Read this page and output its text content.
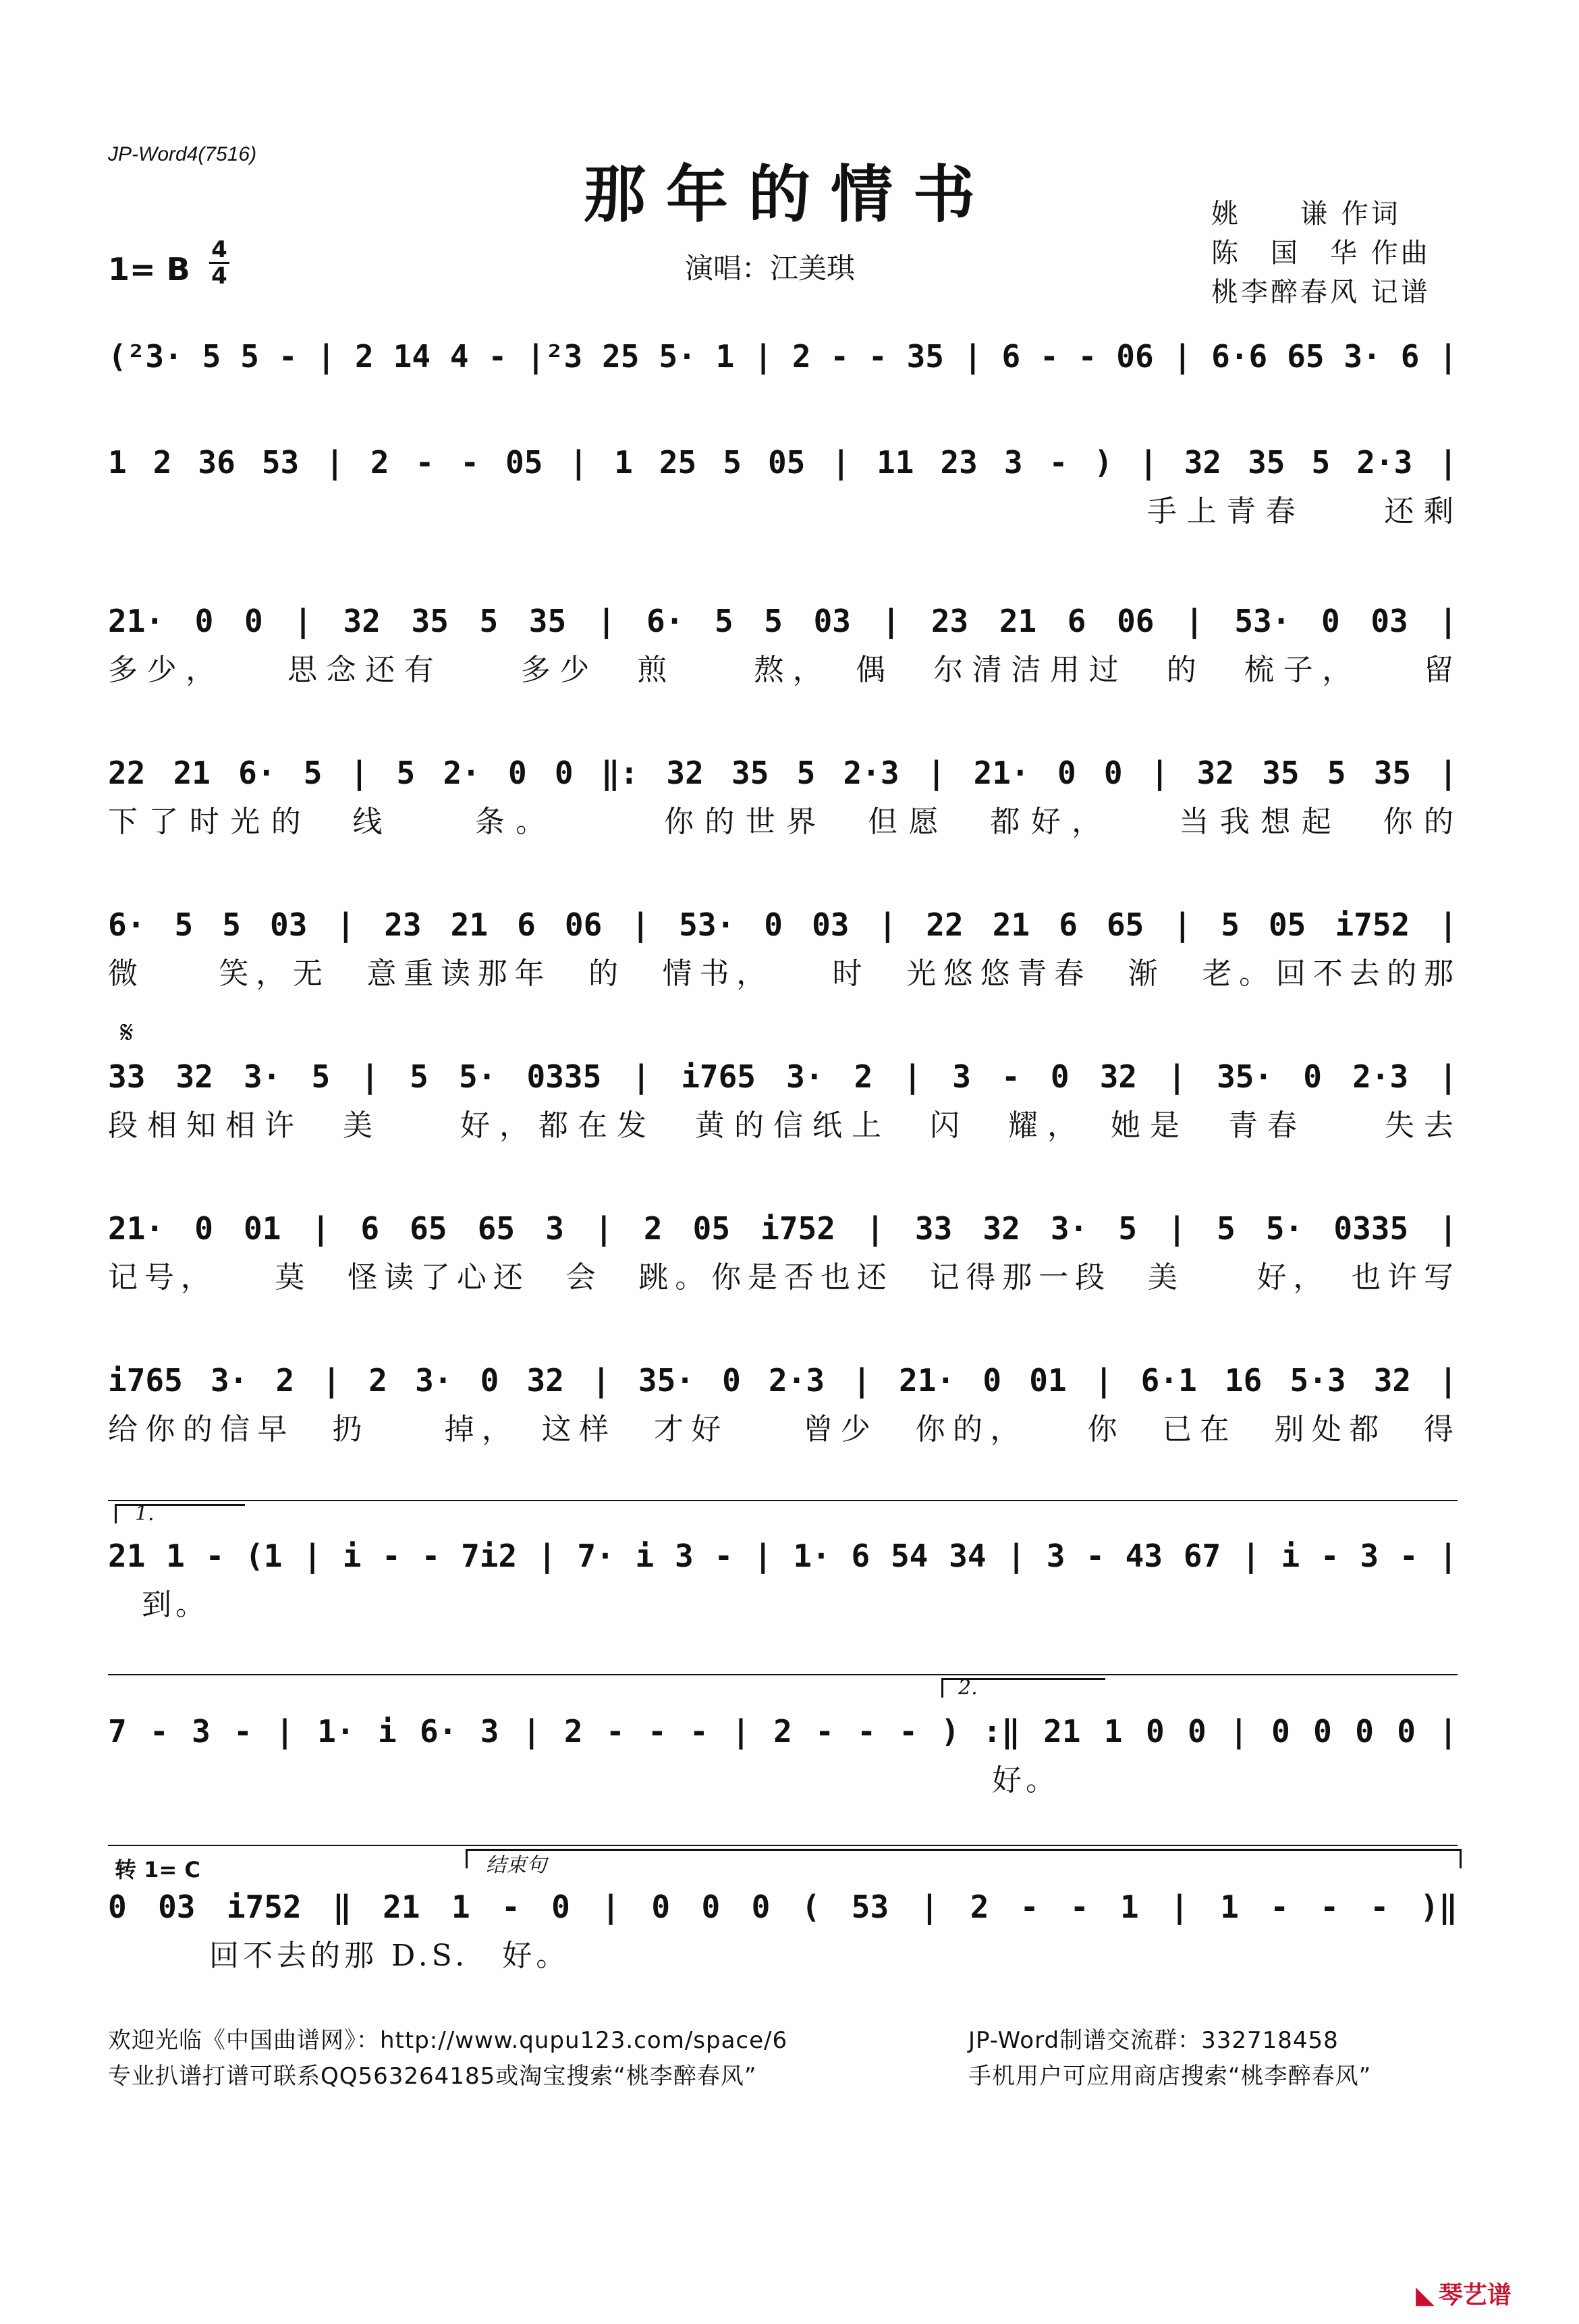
JP-Word4(7516)
那年的情书	姚　　谦 作词
陈　国　华 作曲
桃李醉春风 记谱
演唱：江美琪
1= B
4
4
(²3· 5 5 - | 2 14 4 - |²3 25 5· 1 | 2 - - 35 | 6 - - 06 | 6·6 65 3· 6 |
1 2 36 53 | 2 - - 05 | 1 25 5 05 | 11 23 3 - ) | 32 35 5 2·3 |
手上青春　　还剩
21· 0 0 | 32 35 5 35 | 6· 5 5 03 | 23 21 6 06 | 53· 0 03 |
多少，　　思念还有　　多少　煎　　熬，　偶　尔清洁用过　的　梳子，　　留
22 21 6· 5 | 5 2· 0 0 ‖: 32 35 5 2·3 | 21· 0 0 | 32 35 5 35 |
下了时光的　线　　条。　　　你的世界　但愿　都好，　　当我想起　你的
6· 5 5 03 | 23 21 6 06 | 53· 0 03 | 22 21 6 65 | 5 05 i752 |
微　　笑，无　意重读那年　的　情书，　　时　光悠悠青春　渐　老。回不去的那
𝄋
33 32 3· 5 | 5 5· 0335 | i765 3· 2 | 3 - 0 32 | 35· 0 2·3 |
段相知相许　美　　好，都在发　黄的信纸上　闪　耀，　她是　青春　　失去
21· 0 01 | 6 65 65 3 | 2 05 i752 | 33 32 3· 5 | 5 5· 0335 |
记号，　　莫　怪读了心还　会　跳。你是否也还　记得那一段　美　　好，　也许写
i765 3· 2 | 2 3· 0 32 | 35· 0 2·3 | 21· 0 01 | 6·1 16 5·3 32 |
给你的信早　扔　　掉，　这样　才好　　曾少　你的，　　你　已在　别处都　得
1.
21 1 - (1 | i - - 7i2 | 7· i 3 - | 1· 6 54 34 | 3 - 43 67 | i - 3 - |
到。
2.
7 - 3 - | 1· i 6· 3 | 2 - - - | 2 - - - ) :‖ 21 1 0 0 | 0 0 0 0 |
好。
转 1= C	结束句
0 03 i752 ‖ 21 1 - 0 | 0 0 0 ( 53 | 2 - - 1 | 1 - - - )‖
回不去的那 D.S.　好。
欢迎光临《中国曲谱网》：http://www.qupu123.com/space/6
专业扒谱打谱可联系QQ563264185或淘宝搜索“桃李醉春风”
JP-Word制谱交流群：332718458
手机用户可应用商店搜索“桃李醉春风”
◣ 琴艺谱
